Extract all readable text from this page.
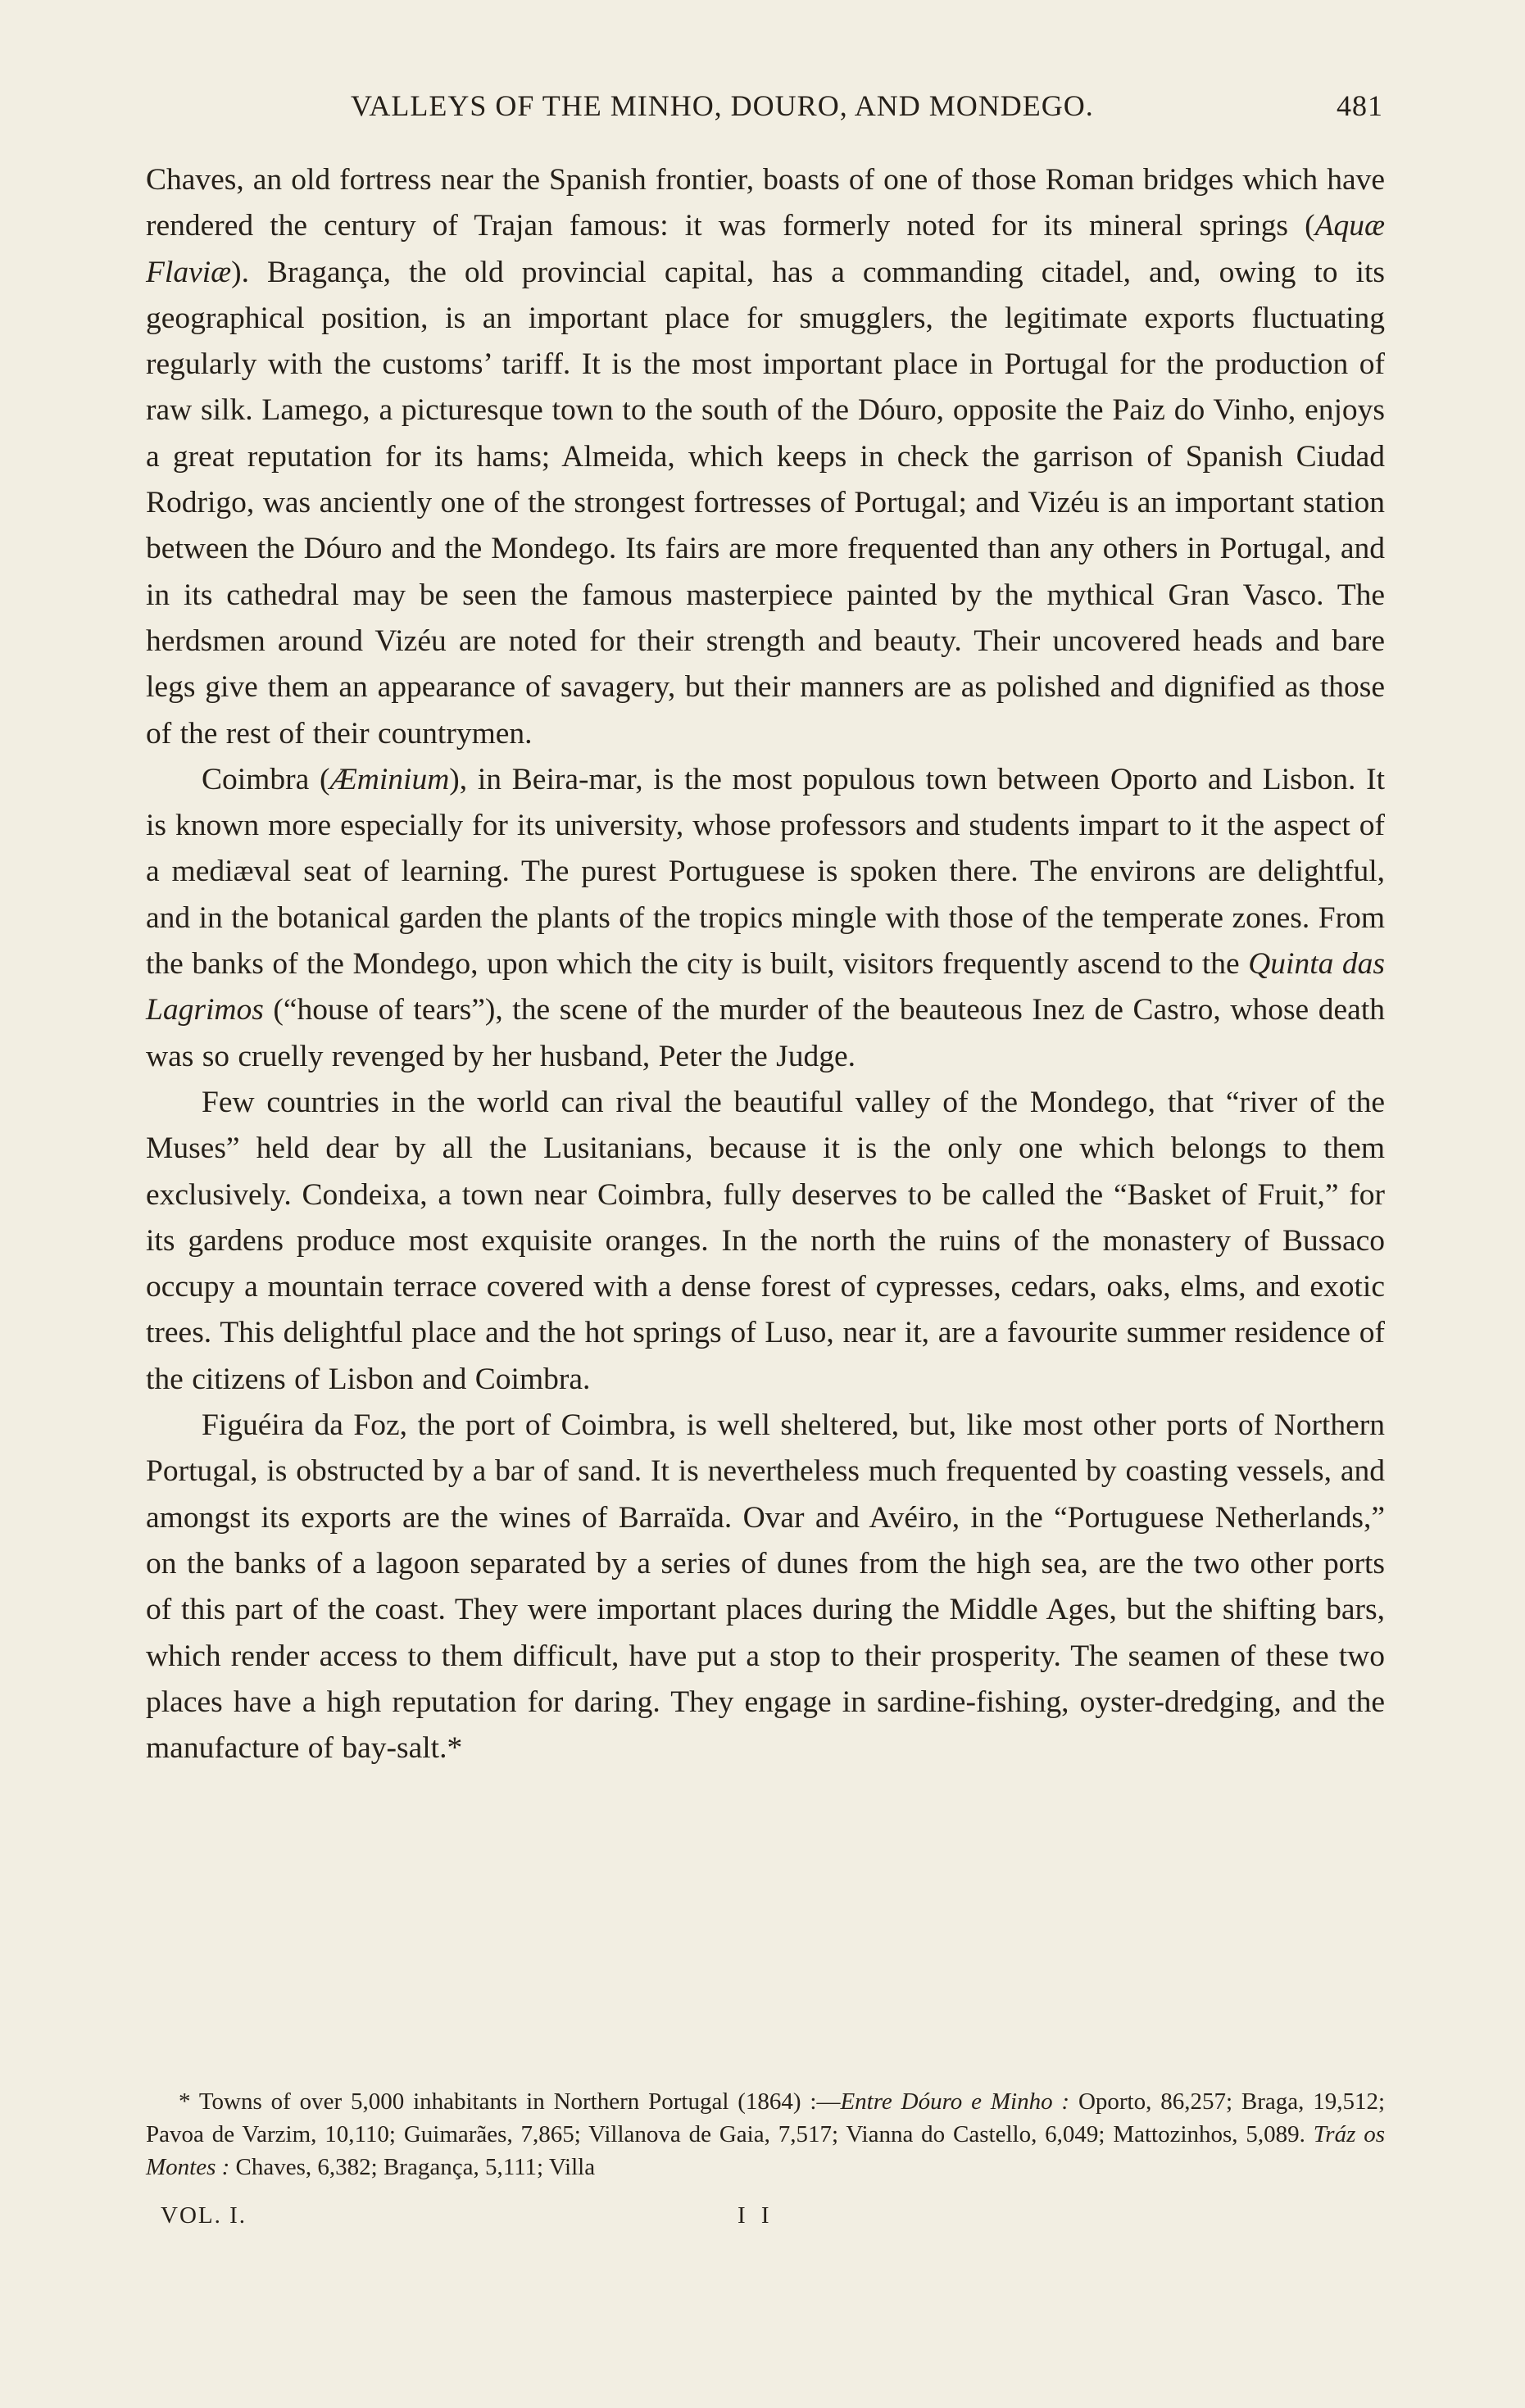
VALLEYS OF THE MINHO, DOURO, AND MONDEGO.	481

Chaves, an old fortress near the Spanish frontier, boasts of one of those Roman bridges which have rendered the century of Trajan famous: it was formerly noted for its mineral springs (Aquæ Flaviæ). Bragança, the old provincial capital, has a commanding citadel, and, owing to its geographical position, is an important place for smugglers, the legitimate exports fluctuating regularly with the customs’ tariff. It is the most important place in Portugal for the production of raw silk. Lamego, a picturesque town to the south of the Dóuro, opposite the Paiz do Vinho, enjoys a great reputation for its hams; Almeida, which keeps in check the garrison of Spanish Ciudad Rodrigo, was anciently one of the strongest fortresses of Portugal; and Vizéu is an important station between the Dóuro and the Mondego. Its fairs are more frequented than any others in Portugal, and in its cathedral may be seen the famous masterpiece painted by the mythical Gran Vasco. The herdsmen around Vizéu are noted for their strength and beauty. Their uncovered heads and bare legs give them an appearance of savagery, but their manners are as polished and dignified as those of the rest of their countrymen.

Coimbra (Æminium), in Beira-mar, is the most populous town between Oporto and Lisbon. It is known more especially for its university, whose professors and students impart to it the aspect of a mediæval seat of learning. The purest Portuguese is spoken there. The environs are delightful, and in the botanical garden the plants of the tropics mingle with those of the temperate zones. From the banks of the Mondego, upon which the city is built, visitors frequently ascend to the Quinta das Lagrimos (“house of tears”), the scene of the murder of the beauteous Inez de Castro, whose death was so cruelly revenged by her husband, Peter the Judge.

Few countries in the world can rival the beautiful valley of the Mondego, that “river of the Muses” held dear by all the Lusitanians, because it is the only one which belongs to them exclusively. Condeixa, a town near Coimbra, fully deserves to be called the “Basket of Fruit,” for its gardens produce most exquisite oranges. In the north the ruins of the monastery of Bussaco occupy a mountain terrace covered with a dense forest of cypresses, cedars, oaks, elms, and exotic trees. This delightful place and the hot springs of Luso, near it, are a favourite summer residence of the citizens of Lisbon and Coimbra.

Figuéira da Foz, the port of Coimbra, is well sheltered, but, like most other ports of Northern Portugal, is obstructed by a bar of sand. It is nevertheless much frequented by coasting vessels, and amongst its exports are the wines of Barraïda. Ovar and Avéiro, in the “Portuguese Netherlands,” on the banks of a lagoon separated by a series of dunes from the high sea, are the two other ports of this part of the coast. They were important places during the Middle Ages, but the shifting bars, which render access to them difficult, have put a stop to their prosperity. The seamen of these two places have a high reputation for daring. They engage in sardine-fishing, oyster-dredging, and the manufacture of bay-salt.*

* Towns of over 5,000 inhabitants in Northern Portugal (1864) :—Entre Dóuro e Minho : Oporto, 86,257; Braga, 19,512; Pavoa de Varzim, 10,110; Guimarães, 7,865; Villanova de Gaia, 7,517; Vianna do Castello, 6,049; Mattozinhos, 5,089. Tráz os Montes : Chaves, 6,382; Bragança, 5,111; Villa

VOL. I.	I I
